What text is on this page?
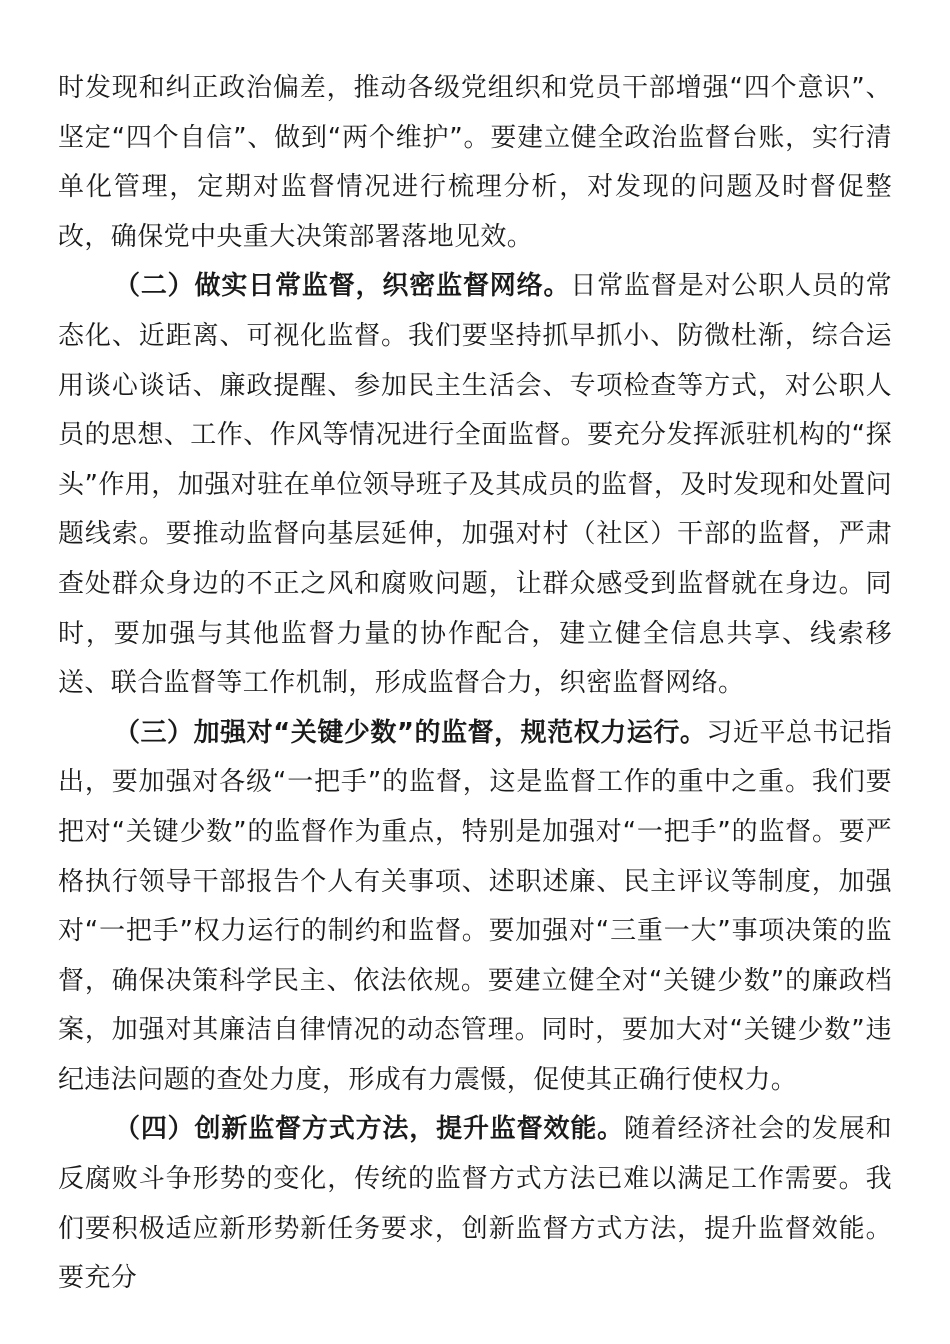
时发现和纠正政治偏差，推动各级党组织和党员干部增强“四个意识”、坚定“四个自信”、做到“两个维护”。要建立健全政治监督台账，实行清单化管理，定期对监督情况进行梳理分析，对发现的问题及时督促整改，确保党中央重大决策部署落地见效。

（二）做实日常监督，织密监督网络。日常监督是对公职人员的常态化、近距离、可视化监督。我们要坚持抓早抓小、防微杜渐，综合运用谈心谈话、廉政提醒、参加民主生活会、专项检查等方式，对公职人员的思想、工作、作风等情况进行全面监督。要充分发挥派驻机构的“探头”作用，加强对驻在单位领导班子及其成员的监督，及时发现和处置问题线索。要推动监督向基层延伸，加强对村（社区）干部的监督，严肃查处群众身边的不正之风和腐败问题，让群众感受到监督就在身边。同时，要加强与其他监督力量的协作配合，建立健全信息共享、线索移送、联合监督等工作机制，形成监督合力，织密监督网络。

（三）加强对“关键少数”的监督，规范权力运行。习近平总书记指出，要加强对各级“一把手”的监督，这是监督工作的重中之重。我们要把对“关键少数”的监督作为重点，特别是加强对“一把手”的监督。要严格执行领导干部报告个人有关事项、述职述廉、民主评议等制度，加强对“一把手”权力运行的制约和监督。要加强对“三重一大”事项决策的监督，确保决策科学民主、依法依规。要建立健全对“关键少数”的廉政档案，加强对其廉洁自律情况的动态管理。同时，要加大对“关键少数”违纪违法问题的查处力度，形成有力震慑，促使其正确行使权力。

（四）创新监督方式方法，提升监督效能。随着经济社会的发展和反腐败斗争形势的变化，传统的监督方式方法已难以满足工作需要。我们要积极适应新形势新任务要求，创新监督方式方法，提升监督效能。要充分
